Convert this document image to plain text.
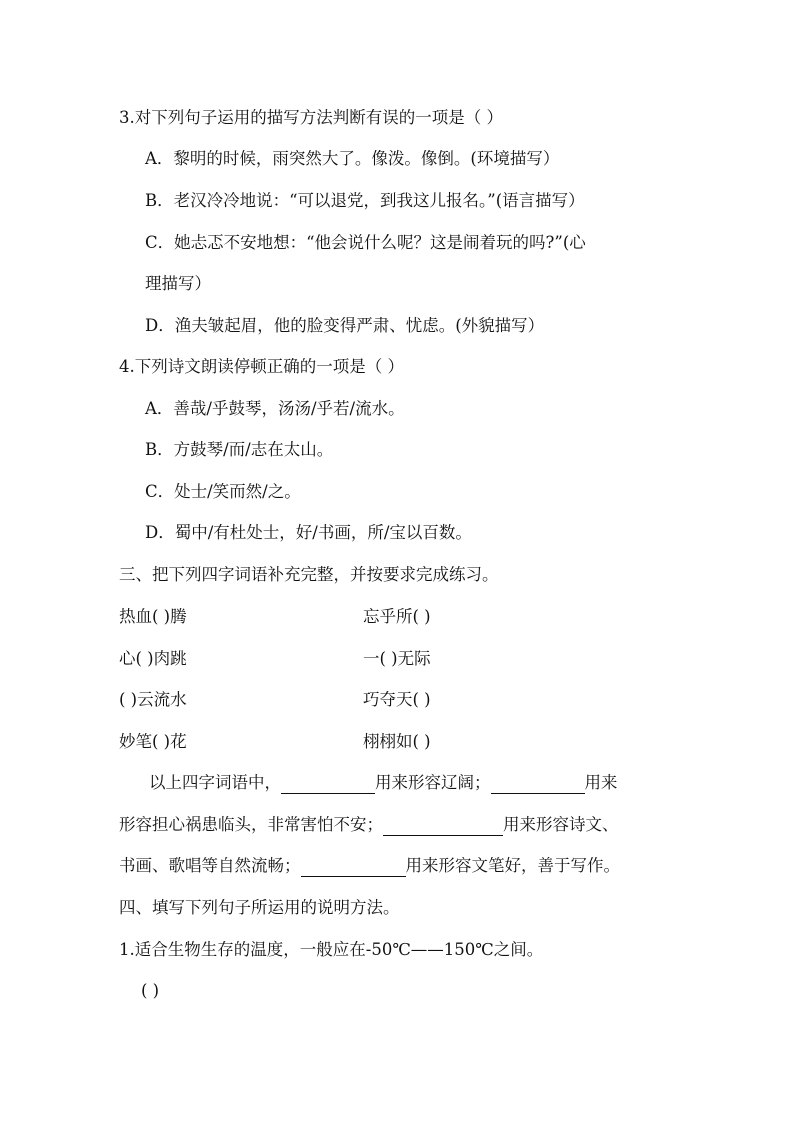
3.对下列句子运用的描写方法判断有误的一项是（ ）

A．黎明的时候，雨突然大了。像泼。像倒。(环境描写）

B．老汉冷冷地说：“可以退党，到我这儿报名。”(语言描写）

C．她忐忑不安地想：“他会说什么呢？这是闹着玩的吗?”(心

理描写）

D．渔夫皱起眉，他的脸变得严肃、忧虑。(外貌描写）

4.下列诗文朗读停顿正确的一项是（ ）

A．善哉/乎鼓琴，汤汤/乎若/流水。

B．方鼓琴/而/志在太山。

C．处士/笑而然/之。

D．蜀中/有杜处士，好/书画，所/宝以百数。

三、把下列四字词语补充完整，并按要求完成练习。

热血( )腾	忘乎所( )
心( )肉跳	一( )无际
( )云流水	巧夺天( )
妙笔( )花	栩栩如( )

以上四字词语中，	用来形容辽阔；	用来

形容担心祸患临头，非常害怕不安；	用来形容诗文、

书画、歌唱等自然流畅；	用来形容文笔好，善于写作。

四、填写下列句子所运用的说明方法。

1.适合生物生存的温度，一般应在-50℃——150℃之间。

( )
